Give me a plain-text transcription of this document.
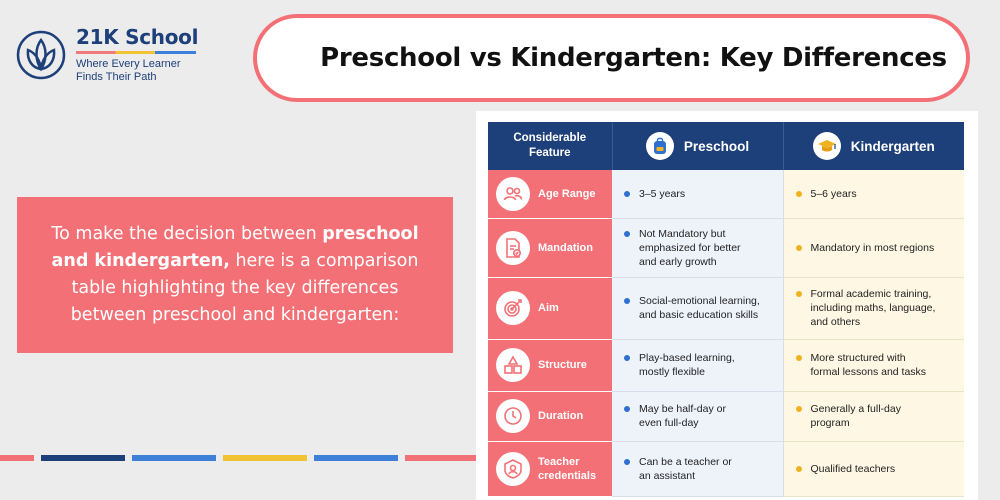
21K School
Where Every Learner
Finds Their Path
Preschool vs Kindergarten: Key Differences

To make the decision between preschool and kindergarten, here is a comparison table highlighting the key differences between preschool and kindergarten:

Considerable
Feature	Preschool	Kindergarten

Age Range	3–5 years	5–6 years

Mandation	Not Mandatory but
emphasized for better
and early growth	Mandatory in most regions

Aim	Social-emotional learning,
and basic education skills	Formal academic training,
including maths, language,
and others

Structure	Play-based learning,
mostly flexible	More structured with
formal lessons and tasks

Duration	May be half-day or
even full-day	Generally a full-day
program

Teacher
credentials	Can be a teacher or
an assistant	Qualified teachers
